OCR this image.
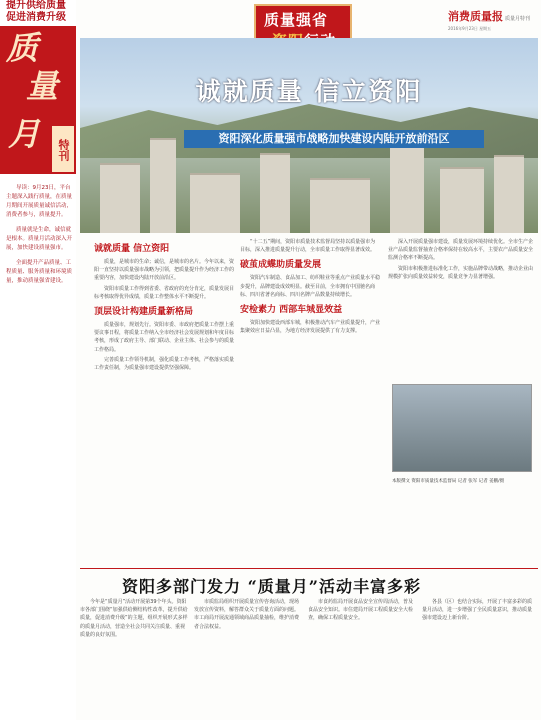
提升供给质量
促进消费升级
质
量
月	特刊

导读：9月23日，平台主题深入践行质量，在质量月期间开展质量诚信活动，消费者参与，质量提升。

质量就是生命，诚信就是根本。质量月活动深入开展，加快建设质量强市。

全面提升产品质量、工程质量、服务质量和环境质量，推动质量强省建设。

质量强省	消费质量报 质量月特刊
2016年9月23日 星期五
诚就质量 信立资阳
资阳深化质量强市战略加快建设内陆开放前沿区
诚就质量 信立资阳

质量，是城市的生命；诚信，是城市的名片。今年以来，资阳一直坚持以质量强市战略为引领，把质量提升作为经济工作的重要内容，加快建设内陆开放前沿区。

资阳市质量工作得到省委、省政府的充分肯定，质量发展目标考核取得优异成绩，质量工作整体水平不断提升。

顶层设计构建质量新格局

质量强市，规划先行。资阳市委、市政府把质量工作摆上重要议事日程，将质量工作纳入全市经济社会发展规划和年度目标考核，形成了政府主导、部门联动、企业主体、社会参与的质量工作格局。

完善质量工作领导机制，强化质量工作考核，严格落实质量工作责任制，为质量强市建设提供坚强保障。

“十二五”期间，资阳市质量技术监督局坚持以质量强市为目标，深入推进质量提升行动，全市质量工作取得显著成效。

破茧成蝶助质量发展

资阳汽车制造、食品加工、纺织鞋业等重点产业质量水平稳步提升，品牌建设成效明显。截至目前，全市拥有中国驰名商标、四川省著名商标、四川名牌产品数量持续增长。

安检素力 西部车城显效益

资阳加快建设西部车城，积极推动汽车产业质量提升，产业集聚效应日益凸显，为地方经济发展提供了有力支撑。

深入开展质量强市建设，质量发展环境持续优化。全市生产企业产品质量监督抽查合格率保持在较高水平，主要农产品质量安全监测合格率不断提高。

资阳市积极推进标准化工作，实施品牌带动战略，推动企业由规模扩张向质量效益转变，质量竞争力显著增强。

本版撰文 资阳市质量技术监督局 记者 张军 记者 姜鹏/摄
资阳多部门发力 “质量月”活动丰富多彩

今年是“质量月”活动开展第39个年头。资阳市各部门围绕“加强供给侧结构性改革，提升供给质量，促进消费升级”的主题，组织开展形式多样的质量月活动，营造全社会共同关注质量、重视质量的良好氛围。

市质监局组织开展质量宣传咨询活动，现场发放宣传资料，解答群众关于质量方面的问题。市工商局开展流通领域商品质量抽检，维护消费者合法权益。

市食药监局开展食品安全宣传周活动，普及食品安全知识。市住建局开展工程质量安全大检查，确保工程质量安全。

各县（区）也结合实际，开展了丰富多彩的质量月活动，进一步增强了全民质量意识，推动质量强市建设迈上新台阶。
